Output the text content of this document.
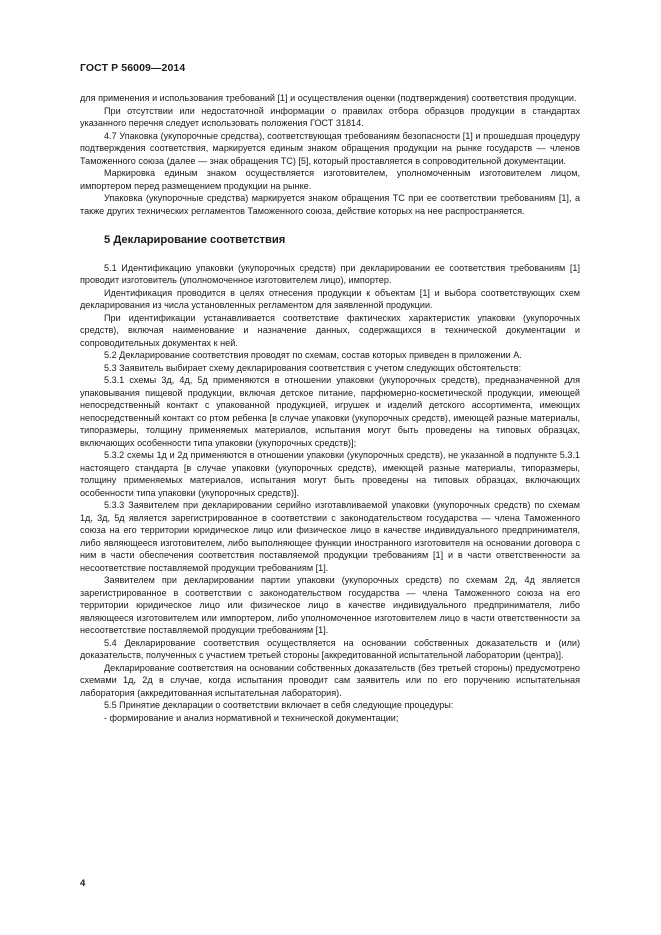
ГОСТ Р 56009—2014

для применения и использования требований [1] и осуществления оценки (подтверждения) соответствия продукции.

При отсутствии или недостаточной информации о правилах отбора образцов продукции в стандартах указанного перечня следует использовать положения ГОСТ 31814.

4.7 Упаковка (укупорочные средства), соответствующая требованиям безопасности [1] и прошедшая процедуру подтверждения соответствия, маркируется единым знаком обращения продукции на рынке государств — членов Таможенного союза (далее — знак обращения ТС) [5], который проставляется в сопроводительной документации.

Маркировка единым знаком осуществляется изготовителем, уполномоченным изготовителем лицом, импортером перед размещением продукции на рынке.

Упаковка (укупорочные средства) маркируется знаком обращения ТС при ее соответствии требованиям [1], а также других технических регламентов Таможенного союза, действие которых на нее распространяется.

5 Декларирование соответствия

5.1 Идентификацию упаковки (укупорочных средств) при декларировании ее соответствия требованиям [1] проводит изготовитель (уполномоченное изготовителем лицо), импортер.

Идентификация проводится в целях отнесения продукции к объектам [1] и выбора соответствующих схем декларирования из числа установленных регламентом для заявленной продукции.

При идентификации устанавливается соответствие фактических характеристик упаковки (укупорочных средств), включая наименование и назначение данных, содержащихся в технической документации и сопроводительных документах к ней.

5.2 Декларирование соответствия проводят по схемам, состав которых приведен в приложении А.

5.3 Заявитель выбирает схему декларирования соответствия с учетом следующих обстоятельств:

5.3.1 схемы 3д, 4д, 5д применяются в отношении упаковки (укупорочных средств), предназначенной для упаковывания пищевой продукции, включая детское питание, парфюмерно-косметической продукции, имеющей непосредственный контакт с упакованной продукцией, игрушек и изделий детского ассортимента, имеющих непосредственный контакт со ртом ребенка [в случае упаковки (укупорочных средств), имеющей разные материалы, типоразмеры, толщину применяемых материалов, испытания могут быть проведены на типовых образцах, включающих особенности типа упаковки (укупорочных средств)];

5.3.2 схемы 1д и 2д применяются в отношении упаковки (укупорочных средств), не указанной в подпункте 5.3.1 настоящего стандарта [в случае упаковки (укупорочных средств), имеющей разные материалы, типоразмеры, толщину применяемых материалов, испытания могут быть проведены на типовых образцах, включающих особенности типа упаковки (укупорочных средств)].

5.3.3 Заявителем при декларировании серийно изготавливаемой упаковки (укупорочных средств) по схемам 1д, 3д, 5д является зарегистрированное в соответствии с законодательством государства — члена Таможенного союза на его территории юридическое лицо или физическое лицо в качестве индивидуального предпринимателя, либо являющееся изготовителем, либо выполняющее функции иностранного изготовителя на основании договора с ним в части обеспечения соответствия поставляемой продукции требованиям [1] и в части ответственности за несоответствие поставляемой продукции требованиям [1].

Заявителем при декларировании партии упаковки (укупорочных средств) по схемам 2д, 4д является зарегистрированное в соответствии с законодательством государства — члена Таможенного союза на его территории юридическое лицо или физическое лицо в качестве индивидуального предпринимателя, либо являющееся изготовителем или импортером, либо уполномоченное изготовителем лицо в части ответственности за несоответствие поставляемой продукции требованиям [1].

5.4 Декларирование соответствия осуществляется на основании собственных доказательств и (или) доказательств, полученных с участием третьей стороны [аккредитованной испытательной лаборатории (центра)].

Декларирование соответствия на основании собственных доказательств (без третьей стороны) предусмотрено схемами 1д, 2д в случае, когда испытания проводит сам заявитель или по его поручению испытательная лаборатория (аккредитованная испытательная лаборатория).

5.5 Принятие декларации о соответствии включает в себя следующие процедуры:

- формирование и анализ нормативной и технической документации;

4
